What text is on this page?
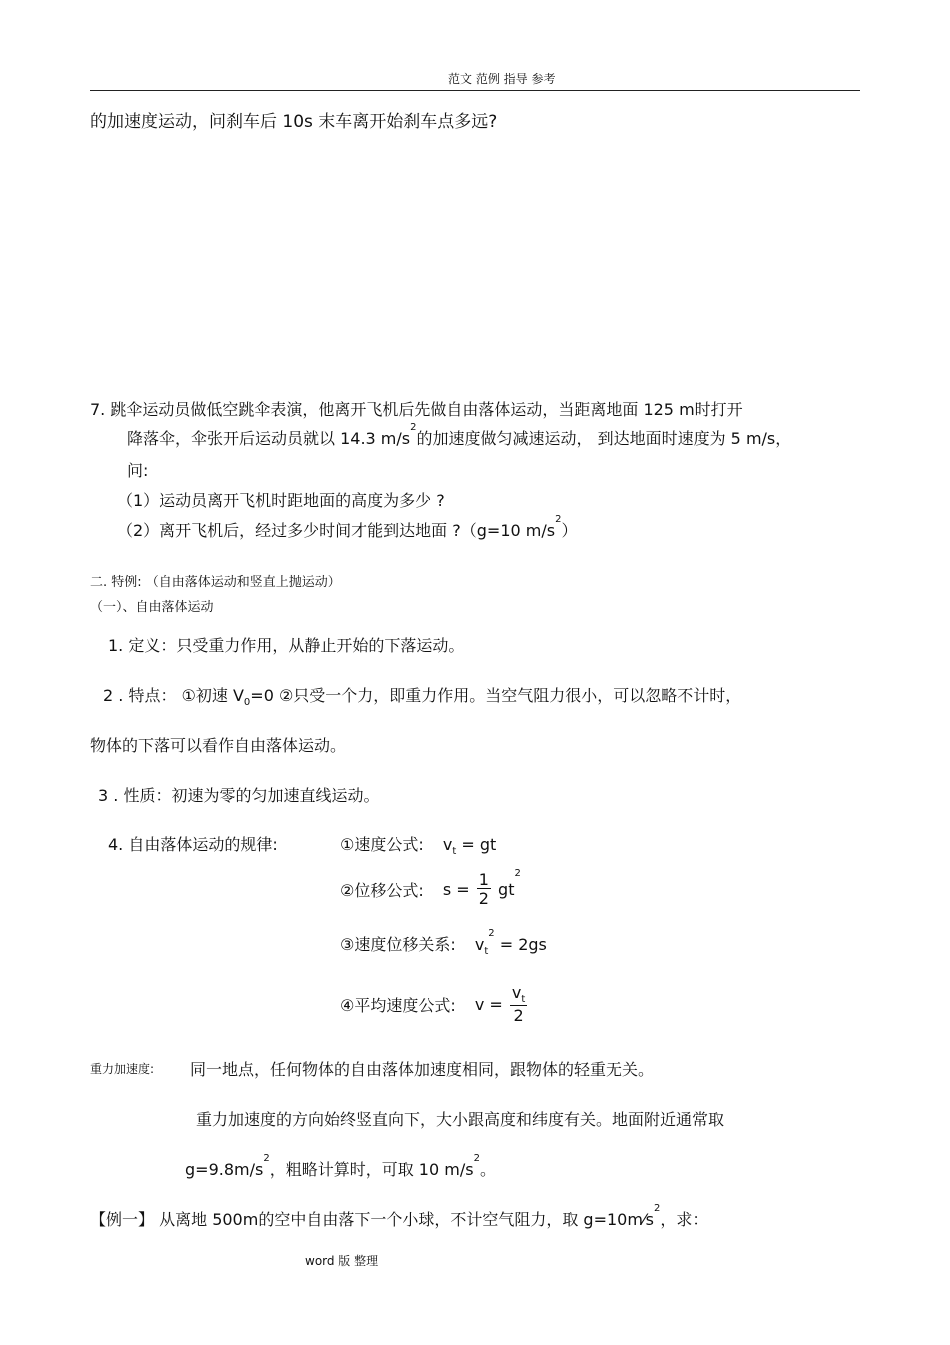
范文 范例 指导 参考
的加速度运动，问刹车后 10s 末车离开始刹车点多远?
7. 跳伞运动员做低空跳伞表演，他离开飞机后先做自由落体运动，当距离地面 125 m时打开
降落伞，伞张开后运动员就以 14.3 $m/s^2$的加速度做匀减速运动， 到达地面时速度为 5 m/s，
问:
（1）运动员离开飞机时距地面的高度为多少 ?
（2）离开飞机后，经过多少时间才能到达地面 ?（g=10 $m/s^2$）
二. 特例: （自由落体运动和竖直上抛运动）
（一）、自由落体运动
1. 定义：只受重力作用，从静止开始的下落运动。
2 . 特点： ①初速 $V_0=0$ ②只受一个力，即重力作用。当空气阻力很小，可以忽略不计时，
物体的下落可以看作自由落体运动。
3 . 性质：初速为零的匀加速直线运动。
4. 自由落体运动的规律:	①速度公式: $v_t$ = gt
②位移公式: $s = \frac{1}{2} gt^2$
③速度位移关系: $v_t^2 = 2gs$
④平均速度公式: $v = \frac{v_t}{2}$
重力加速度: 同一地点，任何物体的自由落体加速度相同，跟物体的轻重无关。
重力加速度的方向始终竖直向下，大小跟高度和纬度有关。地面附近通常取
$g=9.8m/s^2$，粗略计算时，可取 10 $m/s^2$。
【例一】 从离地 500m的空中自由落下一个小球，不计空气阻力，取 $g=10m⁄s^2$，求：
word 版 整理
